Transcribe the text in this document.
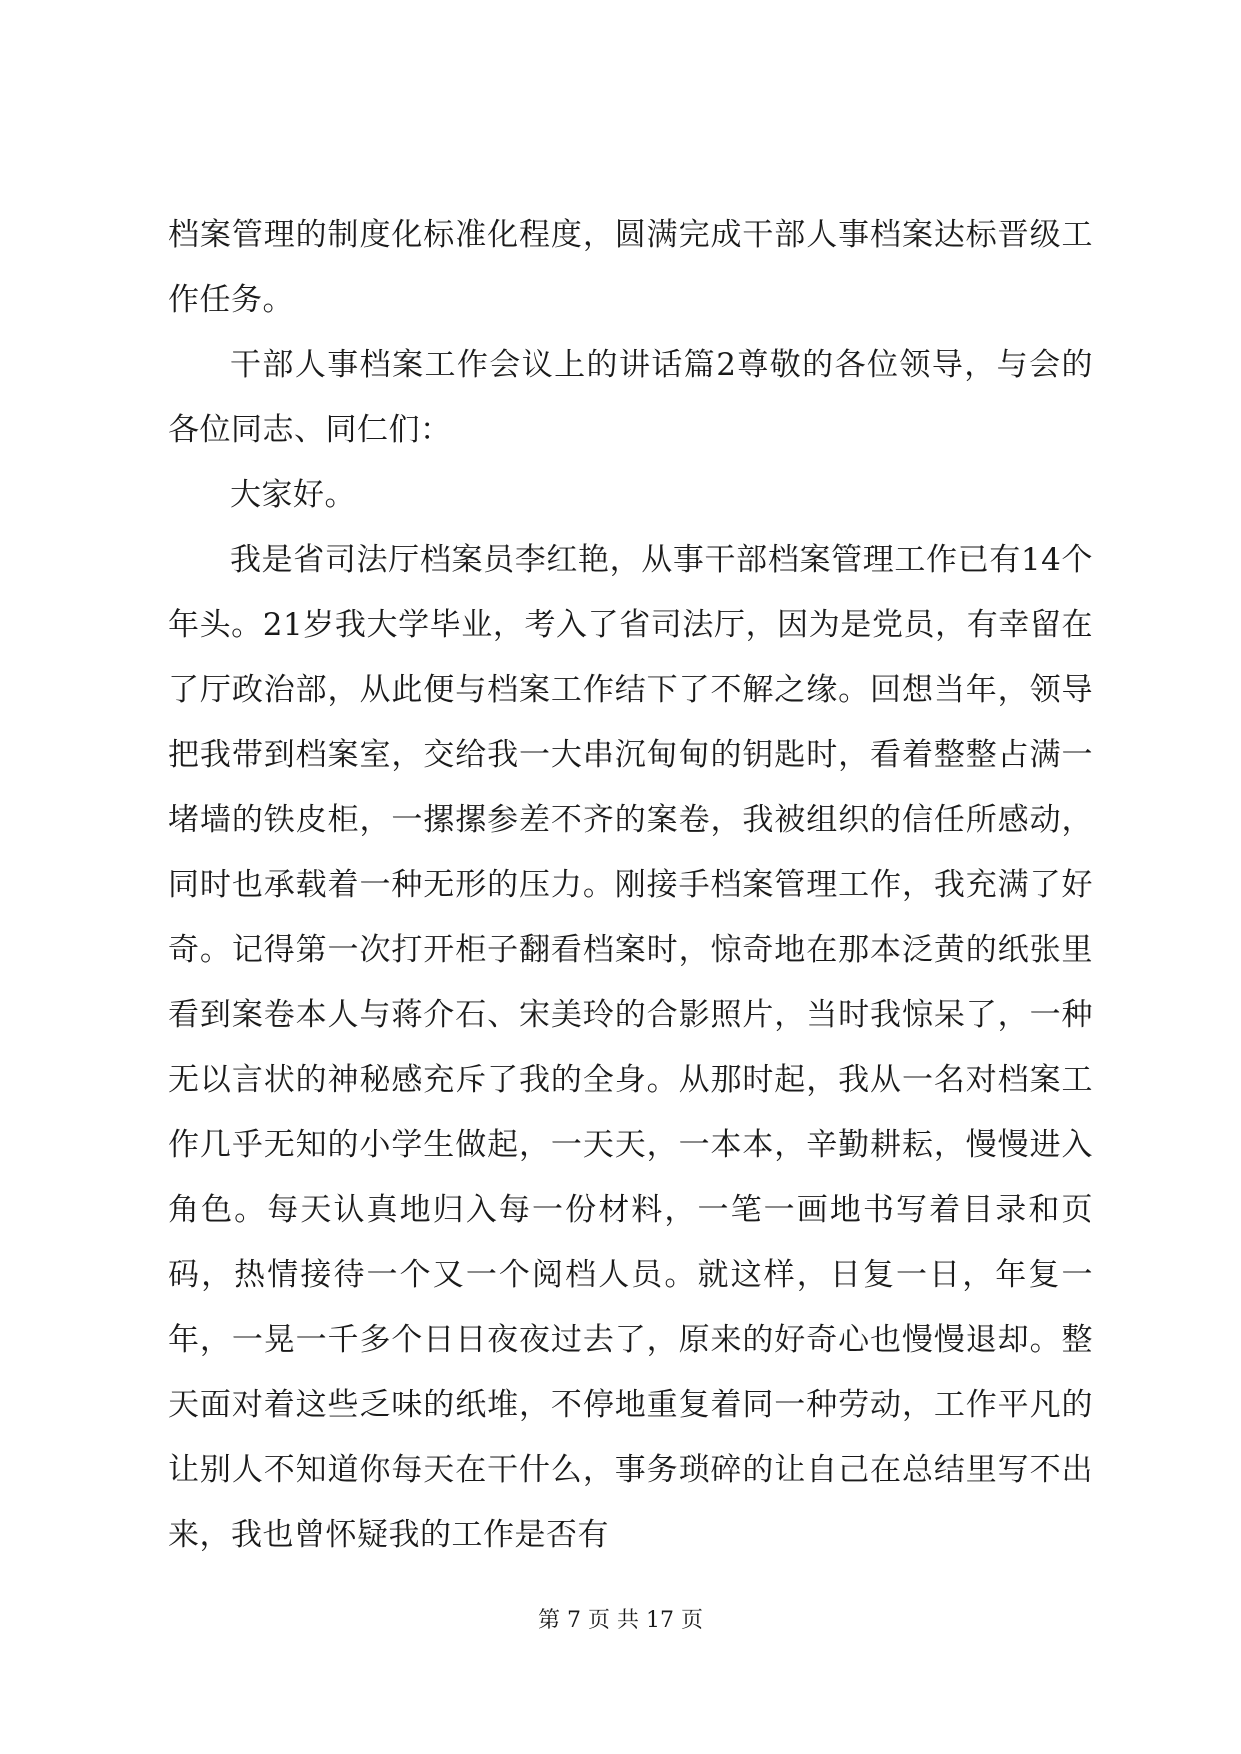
档案管理的制度化标准化程度，圆满完成干部人事档案达标晋级工作任务。

干部人事档案工作会议上的讲话篇2尊敬的各位领导，与会的各位同志、同仁们：

大家好。

我是省司法厅档案员李红艳，从事干部档案管理工作已有14个年头。21岁我大学毕业，考入了省司法厅，因为是党员，有幸留在了厅政治部，从此便与档案工作结下了不解之缘。回想当年，领导把我带到档案室，交给我一大串沉甸甸的钥匙时，看着整整占满一堵墙的铁皮柜，一摞摞参差不齐的案卷，我被组织的信任所感动，同时也承载着一种无形的压力。刚接手档案管理工作，我充满了好奇。记得第一次打开柜子翻看档案时，惊奇地在那本泛黄的纸张里看到案卷本人与蒋介石、宋美玲的合影照片，当时我惊呆了，一种无以言状的神秘感充斥了我的全身。从那时起，我从一名对档案工作几乎无知的小学生做起，一天天，一本本，辛勤耕耘，慢慢进入角色。每天认真地归入每一份材料，一笔一画地书写着目录和页码，热情接待一个又一个阅档人员。就这样，日复一日，年复一年，一晃一千多个日日夜夜过去了，原来的好奇心也慢慢退却。整天面对着这些乏味的纸堆，不停地重复着同一种劳动，工作平凡的让别人不知道你每天在干什么，事务琐碎的让自己在总结里写不出来，我也曾怀疑我的工作是否有

第 7 页 共 17 页
